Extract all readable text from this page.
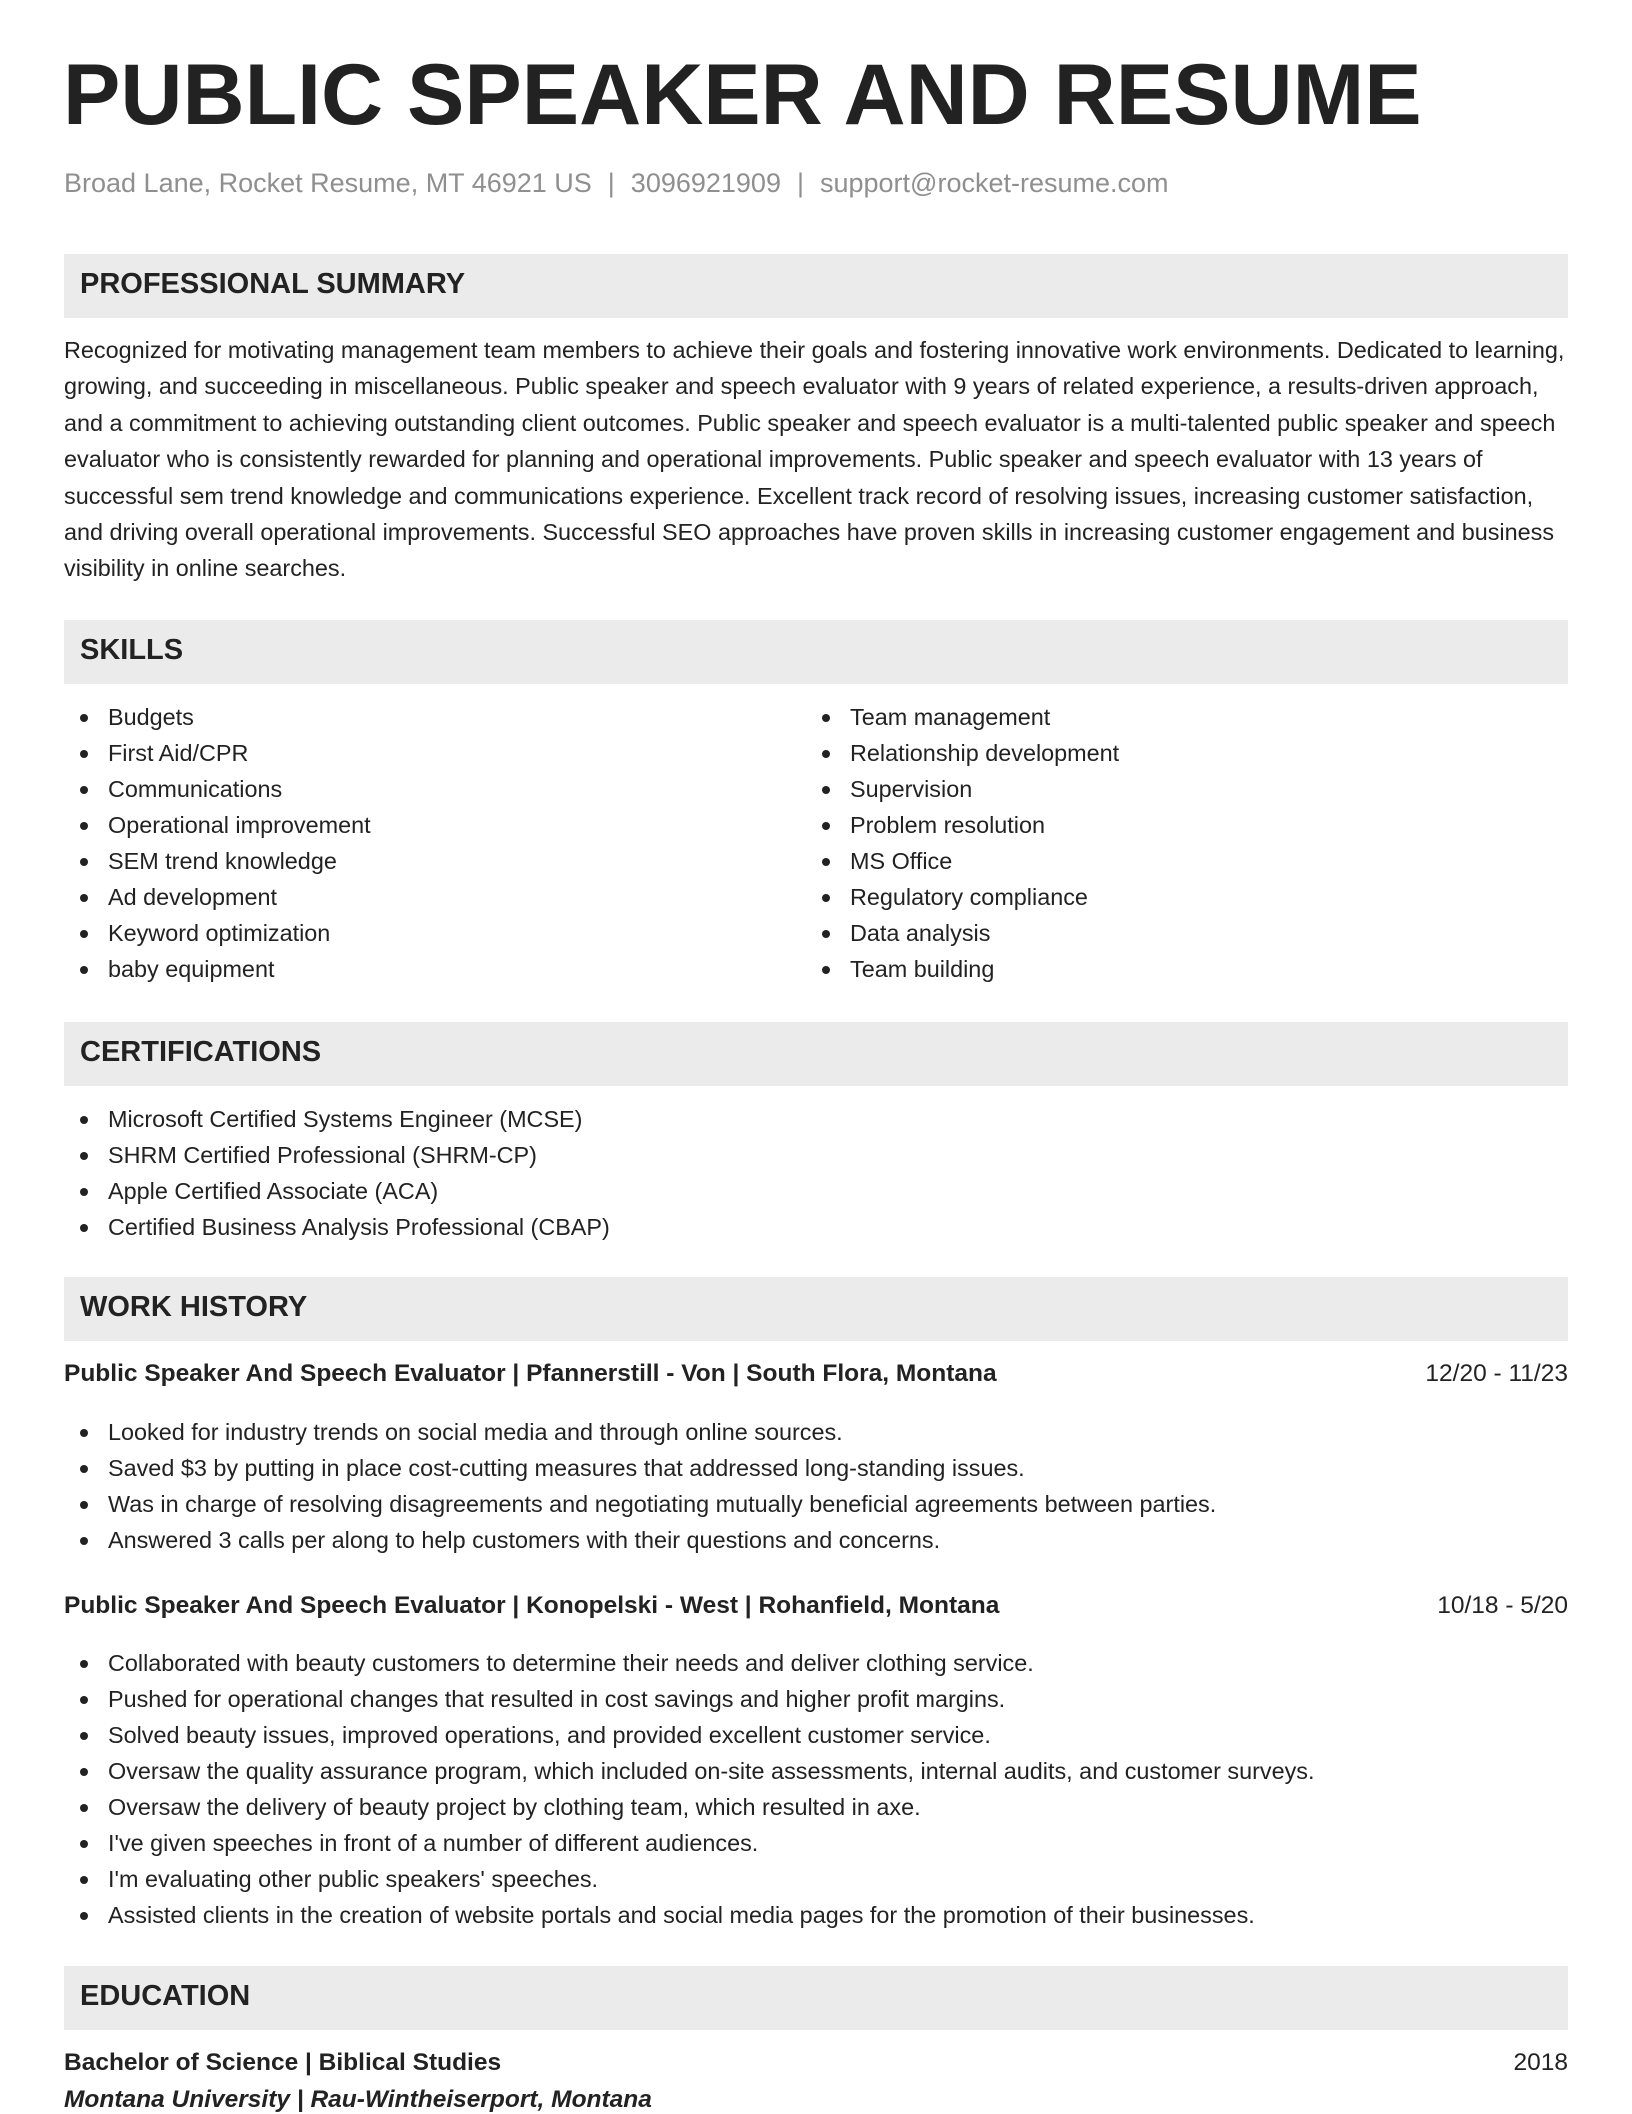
PUBLIC SPEAKER AND RESUME
Broad Lane, Rocket Resume, MT 46921 US | 3096921909 | support@rocket-resume.com
PROFESSIONAL SUMMARY

Recognized for motivating management team members to achieve their goals and fostering innovative work environments. Dedicated to learning, growing, and succeeding in miscellaneous. Public speaker and speech evaluator with 9 years of related experience, a results-driven approach, and a commitment to achieving outstanding client outcomes. Public speaker and speech evaluator is a multi-talented public speaker and speech evaluator who is consistently rewarded for planning and operational improvements. Public speaker and speech evaluator with 13 years of successful sem trend knowledge and communications experience. Excellent track record of resolving issues, increasing customer satisfaction, and driving overall operational improvements. Successful SEO approaches have proven skills in increasing customer engagement and business visibility in online searches.

SKILLS
Budgets
First Aid/CPR
Communications
Operational improvement
SEM trend knowledge
Ad development
Keyword optimization
baby equipment
Team management
Relationship development
Supervision
Problem resolution
MS Office
Regulatory compliance
Data analysis
Team building
CERTIFICATIONS
Microsoft Certified Systems Engineer (MCSE)
SHRM Certified Professional (SHRM-CP)
Apple Certified Associate (ACA)
Certified Business Analysis Professional (CBAP)
WORK HISTORY
Public Speaker And Speech Evaluator | Pfannerstill - Von | South Flora, Montana	12/20 - 11/23
Looked for industry trends on social media and through online sources.
Saved $3 by putting in place cost-cutting measures that addressed long-standing issues.
Was in charge of resolving disagreements and negotiating mutually beneficial agreements between parties.
Answered 3 calls per along to help customers with their questions and concerns.
Public Speaker And Speech Evaluator | Konopelski - West | Rohanfield, Montana	10/18 - 5/20
Collaborated with beauty customers to determine their needs and deliver clothing service.
Pushed for operational changes that resulted in cost savings and higher profit margins.
Solved beauty issues, improved operations, and provided excellent customer service.
Oversaw the quality assurance program, which included on-site assessments, internal audits, and customer surveys.
Oversaw the delivery of beauty project by clothing team, which resulted in axe.
I've given speeches in front of a number of different audiences.
I'm evaluating other public speakers' speeches.
Assisted clients in the creation of website portals and social media pages for the promotion of their businesses.
EDUCATION
Bachelor of Science | Biblical Studies	2018
Montana University | Rau-Wintheiserport, Montana
